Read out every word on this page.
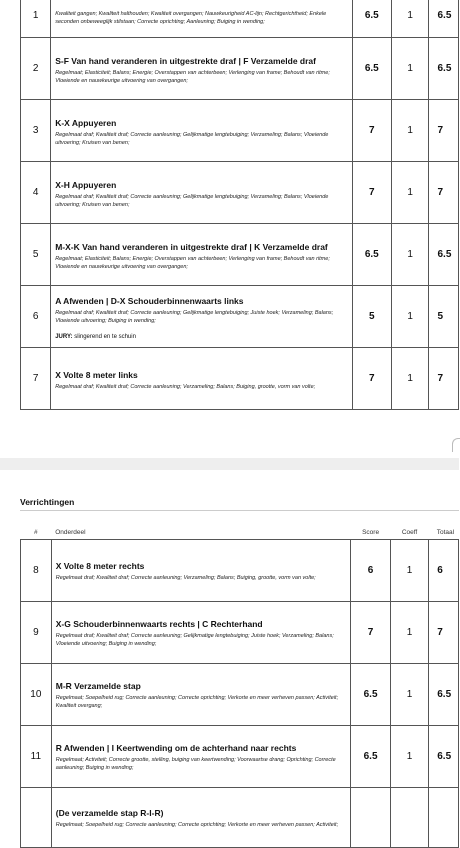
1	Kwaliteit gangen; Kwaliteit halthouden; Kwaliteit overgangen; Nauwkeurigheid AC-lijn; Rechtgerichtheid; Enkele seconden onbeweeglijk stilstaan; Correcte oprichting; Aanleuning; Buiging in wending;	6.5	1	6.5
2	S-F Van hand veranderen in uitgestrekte draf | F Verzamelde draf
Regelmaat; Elasticiteit; Balans; Energie; Overstappen van achterbeen; Verlenging van frame; Behoudt van ritme; Vloeiende en nauwkeurige uitvoering van overgangen;	6.5	1	6.5
3	K-X Appuyeren
Regelmaat draf; Kwaliteit draf; Correcte aanleuning; Gelijkmatige lengtebuiging; Verzameling; Balans; Vloeiende uitvoering; Kruisen van benen;	7	1	7
4	X-H Appuyeren
Regelmaat draf; Kwaliteit draf; Correcte aanleuning; Gelijkmatige lengtebuiging; Verzameling; Balans; Vloeiende uitvoering; Kruisen van benen;	7	1	7
5	M-X-K Van hand veranderen in uitgestrekte draf | K Verzamelde draf
Regelmaat; Elasticiteit; Balans; Energie; Overstappen van achterbeen; Verlenging van frame; Behoudt van ritme; Vloeiende en nauwkeurige uitvoering van overgangen;	6.5	1	6.5
6	A Afwenden | D-X Schouderbinnenwaarts links
Regelmaat draf; Kwaliteit draf; Correcte aanleuning; Gelijkmatige lengtebuiging; Juiste hoek; Verzameling; Balans; Vloeiende uitvoering; Buiging in wending;
JURY: slingerend en te schuin	5	1	5
7	X Volte 8 meter links
Regelmaat draf; Kwaliteit draf; Correcte aanleuning; Verzameling; Balans; Buiging, grootte, vorm van volte;	7	1	7
Verrichtingen
#	Onderdeel	Score	Coeff	Totaal
8	X Volte 8 meter rechts
Regelmaat draf; Kwaliteit draf; Correcte aanleuning; Verzameling; Balans; Buiging, grootte, vorm van volte;	6	1	6
9	X-G Schouderbinnenwaarts rechts | C Rechterhand
Regelmaat draf; Kwaliteit draf; Correcte aanleuning; Gelijkmatige lengtebuiging; Juiste hoek; Verzameling; Balans; Vloeiende uitvoering; Buiging in wending;	7	1	7
10	M-R Verzamelde stap
Regelmaat; Soepelheid rug; Correcte aanleuning; Correcte oprichting; Verkorte en meer verheven passen; Activiteit; Kwaliteit overgang;	6.5	1	6.5
11	R Afwenden | I Keertwending om de achterhand naar rechts
Regelmaat; Activiteit; Correcte grootte, stelling, buiging van keertwending; Voorwaartse drang; Oprichting; Correcte aanleuning; Buiging in wending;	6.5	1	6.5

	(De verzamelde stap R-I-R)
Regelmaat; Soepelheid rug; Correcte aanleuning; Correcte oprichting; Verkorte en meer verheven passen; Activiteit;			
